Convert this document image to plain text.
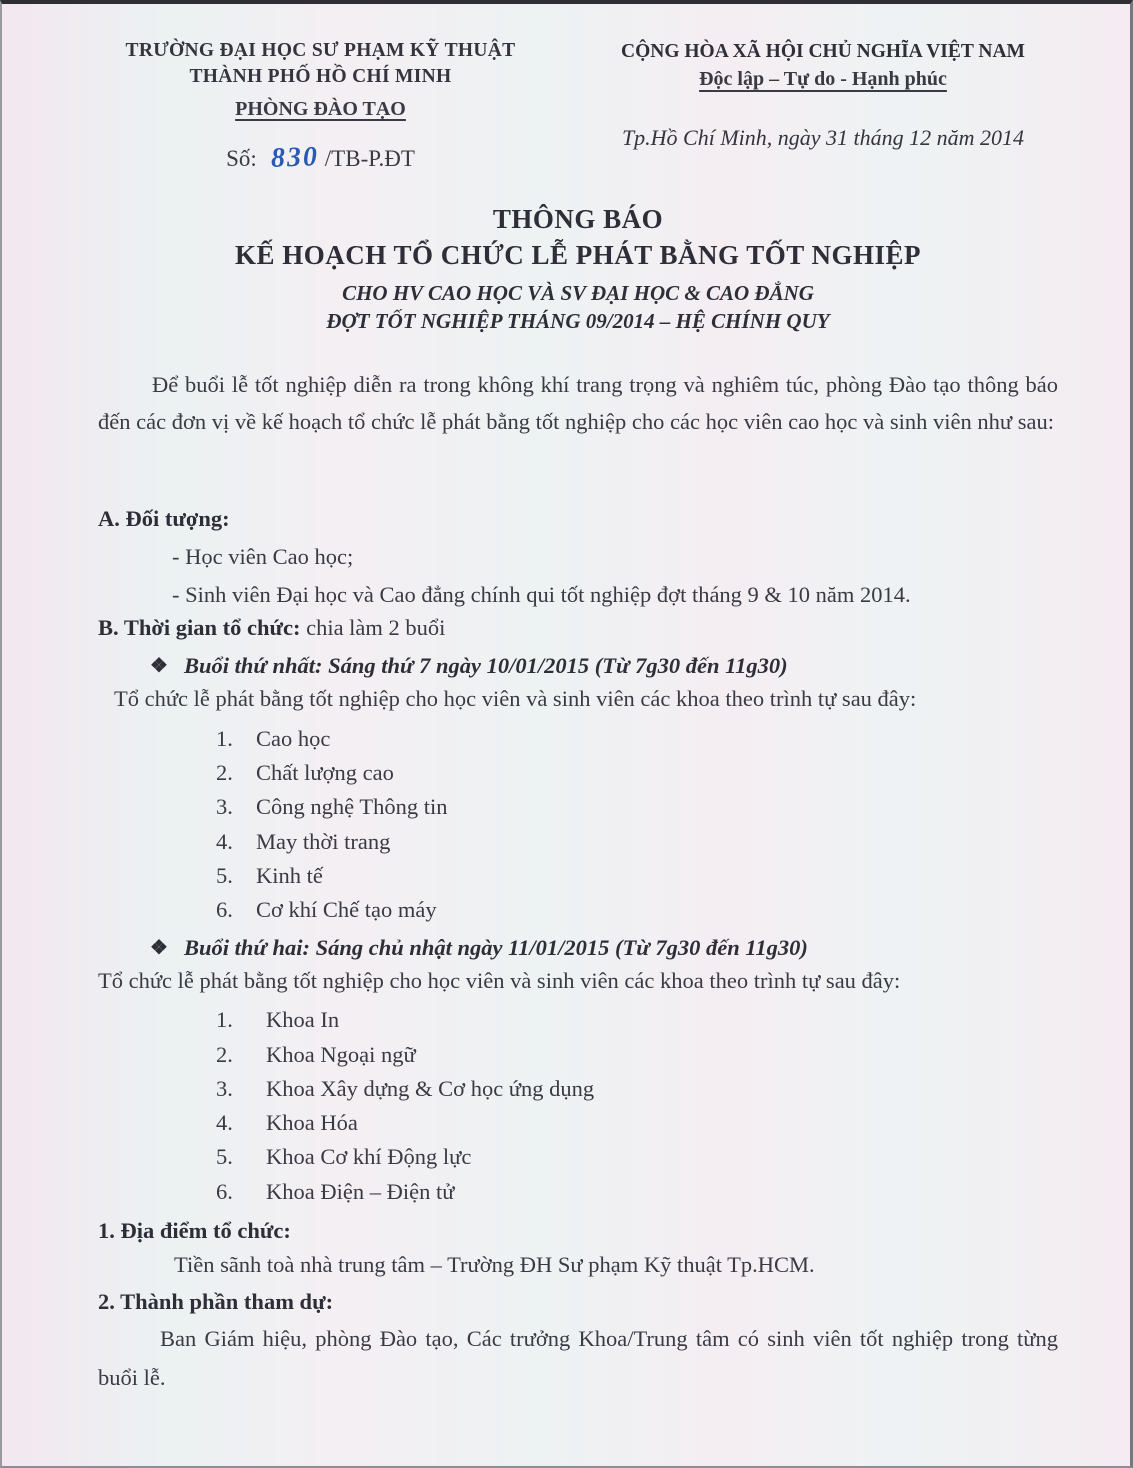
TRƯỜNG ĐẠI HỌC SƯ PHẠM KỸ THUẬT
THÀNH PHỐ HỒ CHÍ MINH
PHÒNG ĐÀO TẠO
Số: 830 /TB-P.ĐT
CỘNG HÒA XÃ HỘI CHỦ NGHĨA VIỆT NAM
Độc lập – Tự do - Hạnh phúc
Tp.Hồ Chí Minh, ngày 31 tháng 12 năm 2014
THÔNG BÁO
KẾ HOẠCH TỔ CHỨC LỄ PHÁT BẰNG TỐT NGHIỆP
CHO HV CAO HỌC VÀ SV ĐẠI HỌC & CAO ĐẲNG
ĐỢT TỐT NGHIỆP THÁNG 09/2014 – HỆ CHÍNH QUY

Để buổi lễ tốt nghiệp diễn ra trong không khí trang trọng và nghiêm túc, phòng Đào tạo thông báo đến các đơn vị về kế hoạch tổ chức lễ phát bằng tốt nghiệp cho các học viên cao học và sinh viên như sau:

A. Đối tượng:
- Học viên Cao học;
- Sinh viên Đại học và Cao đẳng chính qui tốt nghiệp đợt tháng 9 & 10 năm 2014.
B. Thời gian tổ chức: chia làm 2 buổi
❖ Buổi thứ nhất: Sáng thứ 7 ngày 10/01/2015 (Từ 7g30 đến 11g30)
Tổ chức lễ phát bằng tốt nghiệp cho học viên và sinh viên các khoa theo trình tự sau đây:
1.	Cao học
2.	Chất lượng cao
3.	Công nghệ Thông tin
4.	May thời trang
5.	Kinh tế
6.	Cơ khí Chế tạo máy
❖ Buổi thứ hai: Sáng chủ nhật ngày 11/01/2015 (Từ 7g30 đến 11g30)
Tổ chức lễ phát bằng tốt nghiệp cho học viên và sinh viên các khoa theo trình tự sau đây:
1.	Khoa In
2.	Khoa Ngoại ngữ
3.	Khoa Xây dựng & Cơ học ứng dụng
4.	Khoa Hóa
5.	Khoa Cơ khí Động lực
6.	Khoa Điện – Điện tử
1. Địa điểm tổ chức:
Tiền sãnh toà nhà trung tâm – Trường ĐH Sư phạm Kỹ thuật Tp.HCM.
2. Thành phần tham dự:

Ban Giám hiệu, phòng Đào tạo, Các trưởng Khoa/Trung tâm có sinh viên tốt nghiệp trong từng buổi lễ.
